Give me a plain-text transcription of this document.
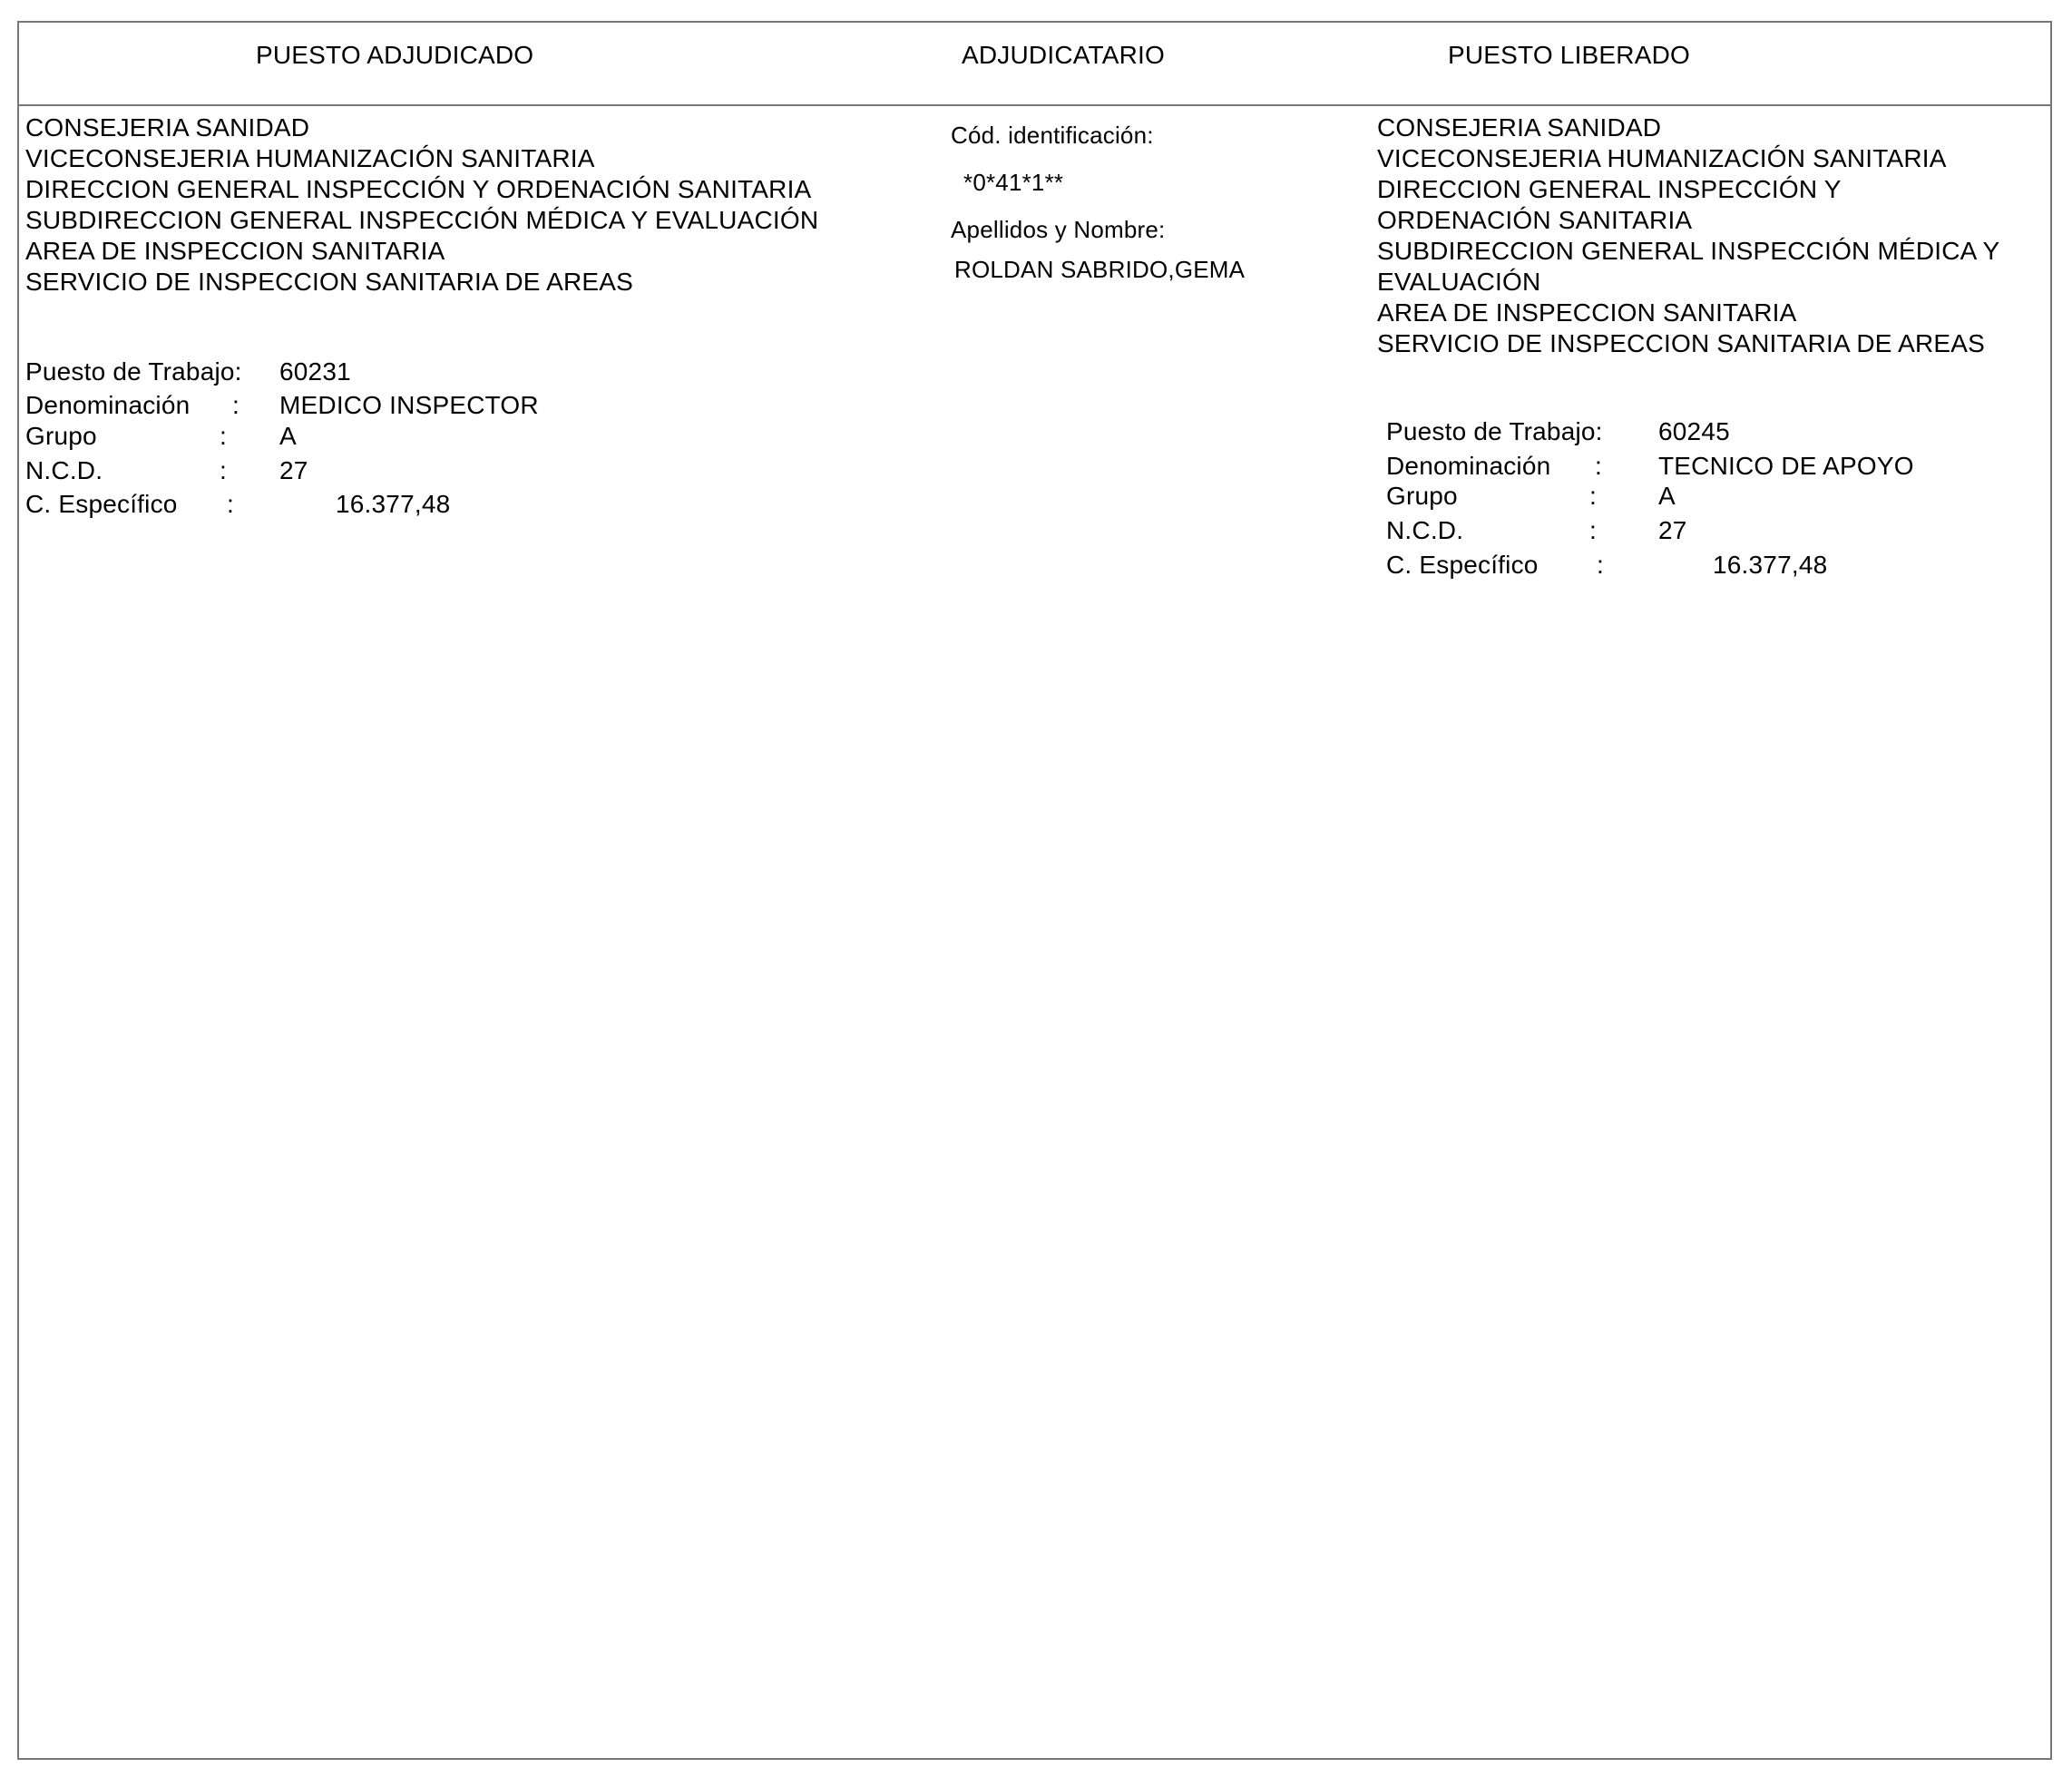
PUESTO ADJUDICADO	ADJUDICATARIO	PUESTO LIBERADO
CONSEJERIA SANIDAD
VICECONSEJERIA HUMANIZACIÓN SANITARIA
DIRECCION GENERAL INSPECCIÓN Y ORDENACIÓN SANITARIA
SUBDIRECCION GENERAL INSPECCIÓN MÉDICA Y EVALUACIÓN
AREA DE INSPECCION SANITARIA
SERVICIO DE INSPECCION SANITARIA DE AREAS
Puesto de Trabajo: 60231
Denominación : MEDICO INSPECTOR
Grupo	: A
N.C.D.	: 27
C. Específico :	16.377,48
Cód. identificación:
*0*41*1**
Apellidos y Nombre:
ROLDAN SABRIDO,GEMA
CONSEJERIA SANIDAD
VICECONSEJERIA HUMANIZACIÓN SANITARIA
DIRECCION GENERAL INSPECCIÓN Y
ORDENACIÓN SANITARIA
SUBDIRECCION GENERAL INSPECCIÓN MÉDICA Y
EVALUACIÓN
AREA DE INSPECCION SANITARIA
SERVICIO DE INSPECCION SANITARIA DE AREAS
Puesto de Trabajo: 60245
Denominación : TECNICO DE APOYO
Grupo	: A
N.C.D.	: 27
C. Específico :	16.377,48
